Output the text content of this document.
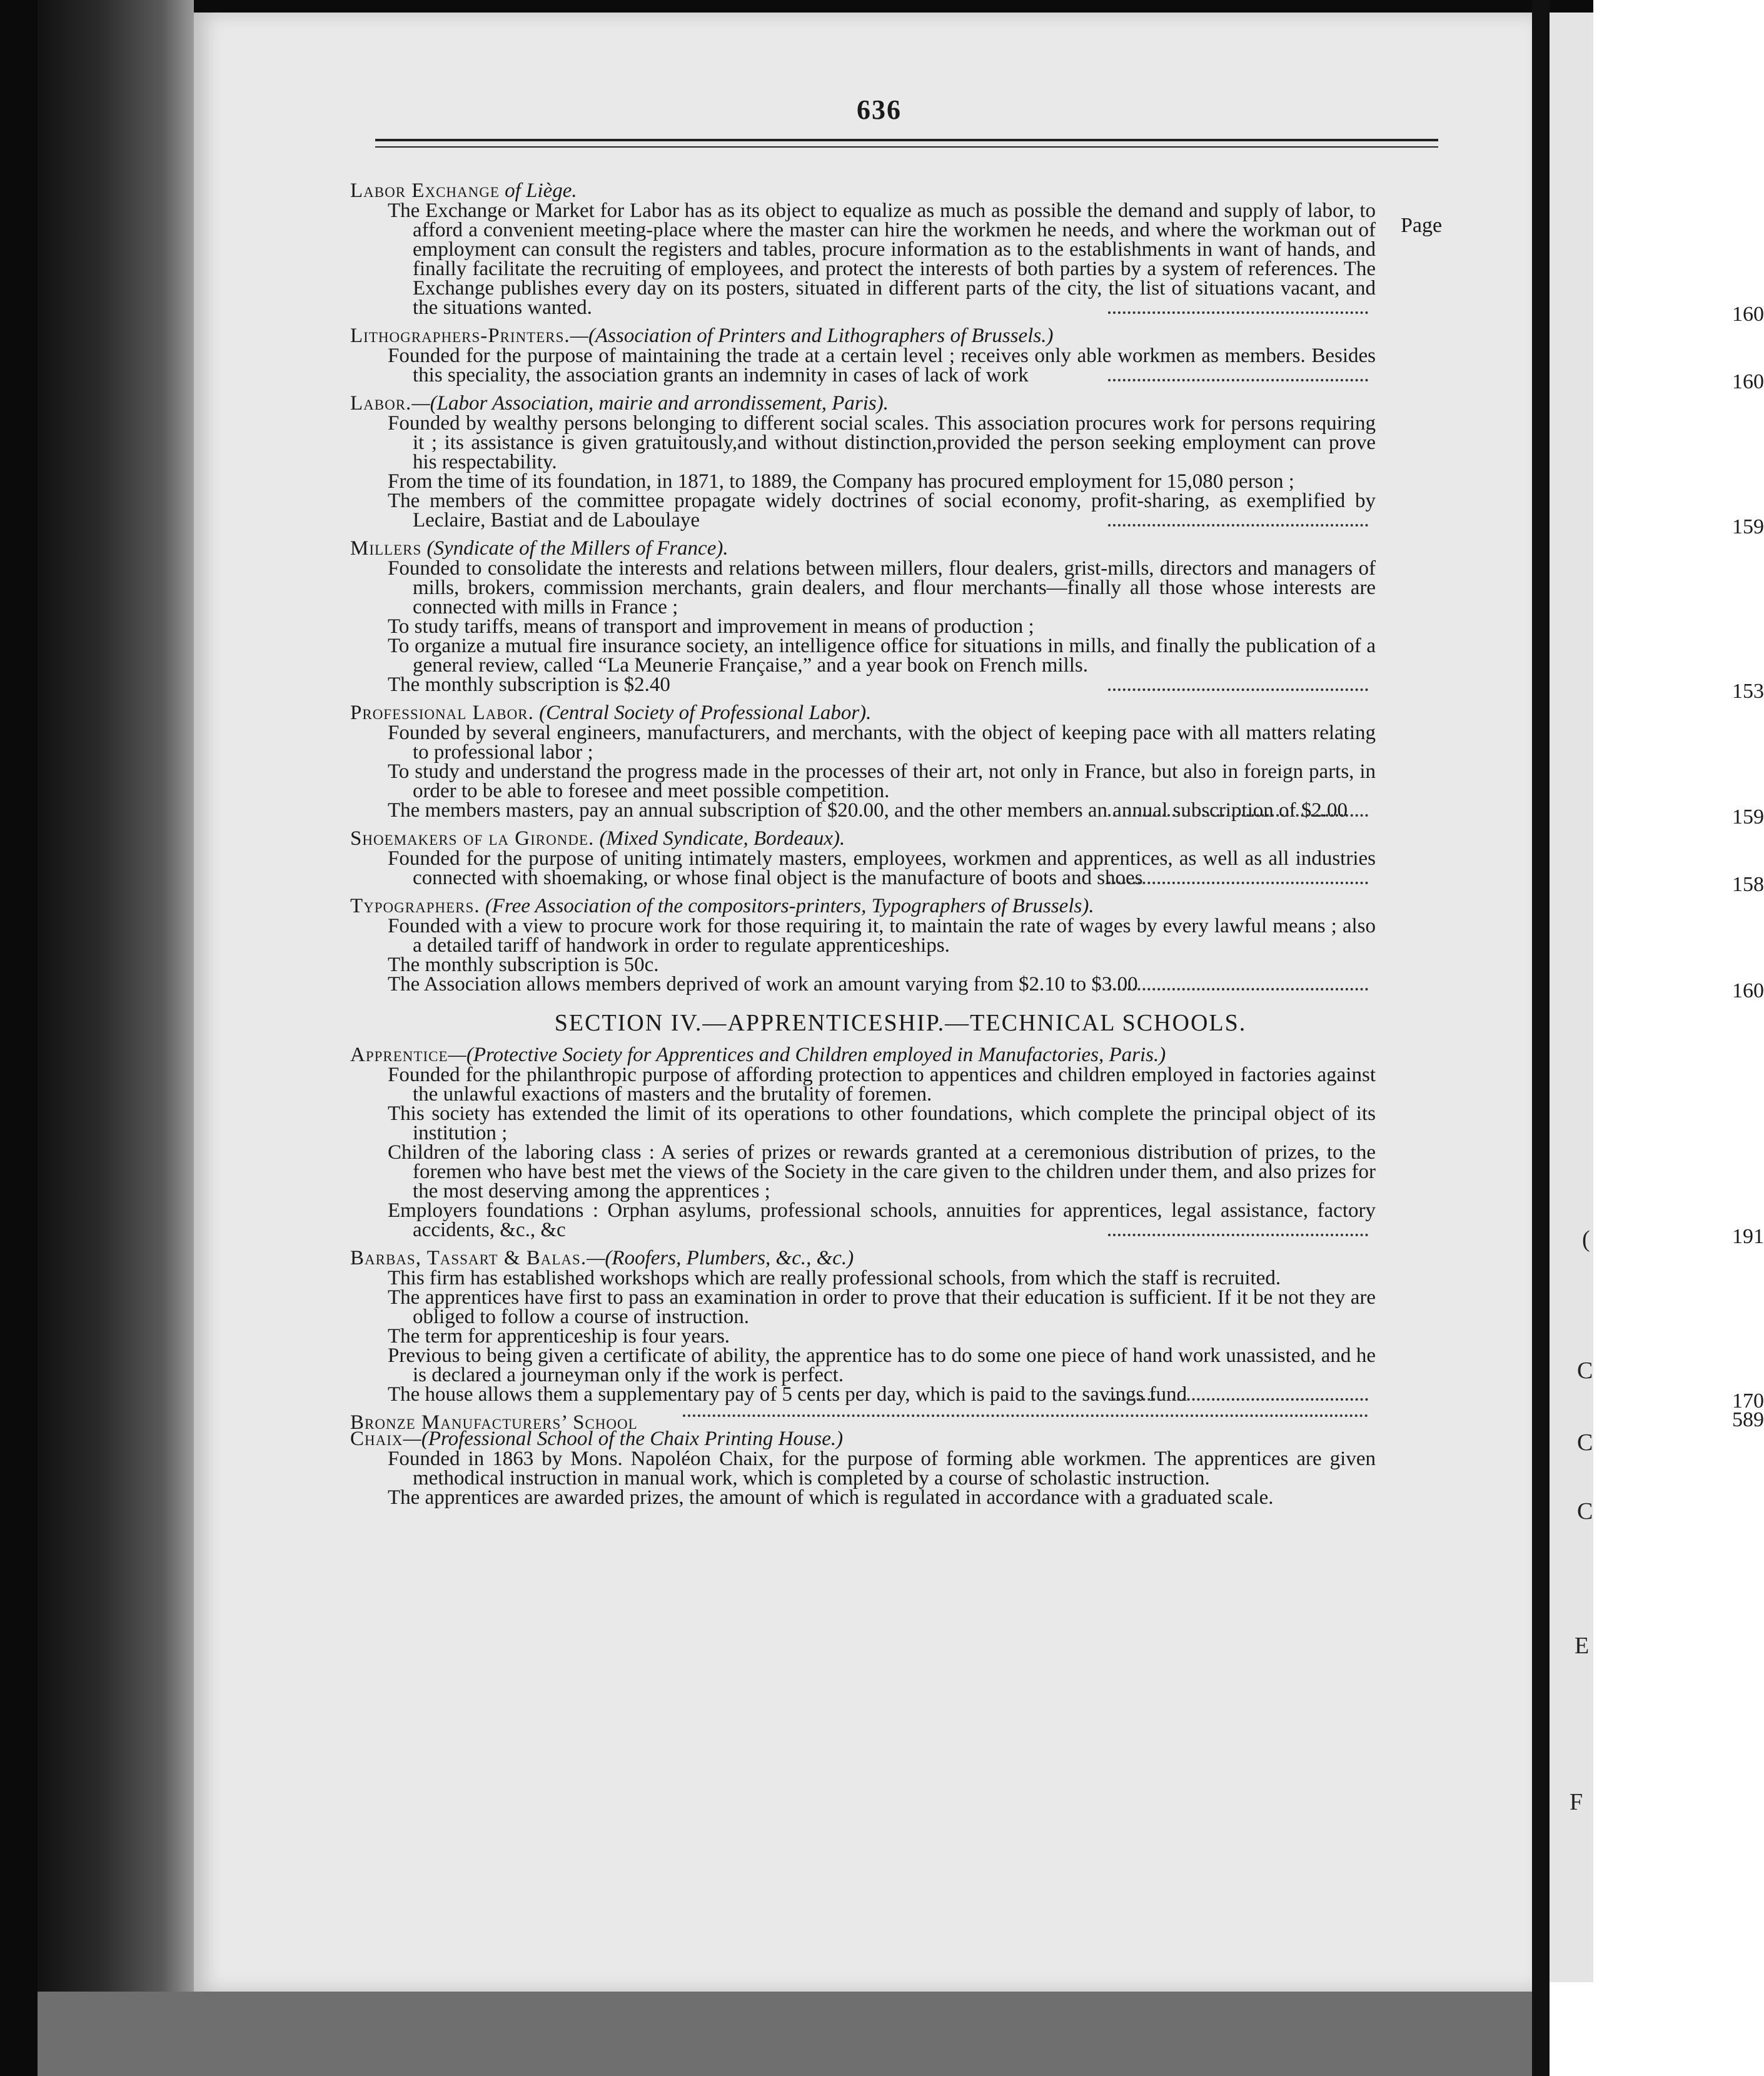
(
C
C
C
E
F
636
Page
Labor Exchange of Liège.

The Exchange or Market for Labor has as its object to equalize as much as possible the demand and supply of labor, to afford a convenient meeting-place where the master can hire the workmen he needs, and where the workman out of employment can consult the registers and tables, procure information as to the establishments in want of hands, and finally facilitate the recruiting of employees, and protect the interests of both parties by a system of references. The Exchange publishes every day on its posters, situated in different parts of the city, the list of situations vacant, and the situations wanted.	160
Lithographers-Printers.—(Association of Printers and Lithographers of Brussels.)

Founded for the purpose of maintaining the trade at a certain level ; receives only able workmen as members. Besides this speciality, the association grants an indemnity in cases of lack of work	160
Labor.—(Labor Association, mairie and arrondissement, Paris).

Founded by wealthy persons belonging to different social scales. This association procures work for persons requiring it ; its assistance is given gratuitously,and without distinction,provided the person seeking employment can prove his respectability.

From the time of its foundation, in 1871, to 1889, the Company has procured employment for 15,080 person ;

The members of the committee propagate widely doctrines of social economy, profit-sharing, as exemplified by Leclaire, Bastiat and de Laboulaye	159
Millers (Syndicate of the Millers of France).

Founded to consolidate the interests and relations between millers, flour dealers, grist-mills, directors and managers of mills, brokers, commission merchants, grain dealers, and flour merchants—finally all those whose interests are connected with mills in France ;

To study tariffs, means of transport and improvement in means of production ;

To organize a mutual fire insurance society, an intelligence office for situations in mills, and finally the publication of a general review, called “La Meunerie Française,” and a year book on French mills.

The monthly subscription is $2.40	153
Professional Labor. (Central Society of Professional Labor).

Founded by several engineers, manufacturers, and merchants, with the object of keeping pace with all matters relating to professional labor ;

To study and understand the progress made in the processes of their art, not only in France, but also in foreign parts, in order to be able to foresee and meet possible competition.

The members masters, pay an annual subscription of $20.00, and the other members an annual subscription of $2.00	159
Shoemakers of la Gironde. (Mixed Syndicate, Bordeaux).

Founded for the purpose of uniting intimately masters, employees, workmen and apprentices, as well as all industries connected with shoemaking, or whose final object is the manufacture of boots and shoes	158
Typographers. (Free Association of the compositors-printers, Typographers of Brussels).

Founded with a view to procure work for those requiring it, to maintain the rate of wages by every lawful means ; also a detailed tariff of handwork in order to regulate apprenticeships.

The monthly subscription is 50c.

The Association allows members deprived of work an amount varying from $2.10 to $3.00	160
SECTION IV.—APPRENTICESHIP.—TECHNICAL SCHOOLS.
Apprentice—(Protective Society for Apprentices and Children employed in Manufactories, Paris.)

Founded for the philanthropic purpose of affording protection to appentices and children employed in factories against the unlawful exactions of masters and the brutality of foremen.

This society has extended the limit of its operations to other foundations, which complete the principal object of its institution ;

Children of the laboring class : A series of prizes or rewards granted at a ceremonious distribution of prizes, to the foremen who have best met the views of the Society in the care given to the children under them, and also prizes for the most deserving among the apprentices ;

Employers foundations : Orphan asylums, professional schools, annuities for apprentices, legal assistance, factory accidents, &c., &c	191
Barbas, Tassart & Balas.—(Roofers, Plumbers, &c., &c.)

This firm has established workshops which are really professional schools, from which the staff is recruited.

The apprentices have first to pass an examination in order to prove that their education is sufficient. If it be not they are obliged to follow a course of instruction.

The term for apprenticeship is four years.

Previous to being given a certificate of ability, the apprentice has to do some one piece of hand work unassisted, and he is declared a journeyman only if the work is perfect.

The house allows them a supplementary pay of 5 cents per day, which is paid to the savings fund	170
Bronze Manufacturers’ School	589
Chaix—(Professional School of the Chaix Printing House.)

Founded in 1863 by Mons. Napoléon Chaix, for the purpose of forming able workmen. The apprentices are given methodical instruction in manual work, which is completed by a course of scholastic instruction.

The apprentices are awarded prizes, the amount of which is regulated in accordance with a graduated scale.
